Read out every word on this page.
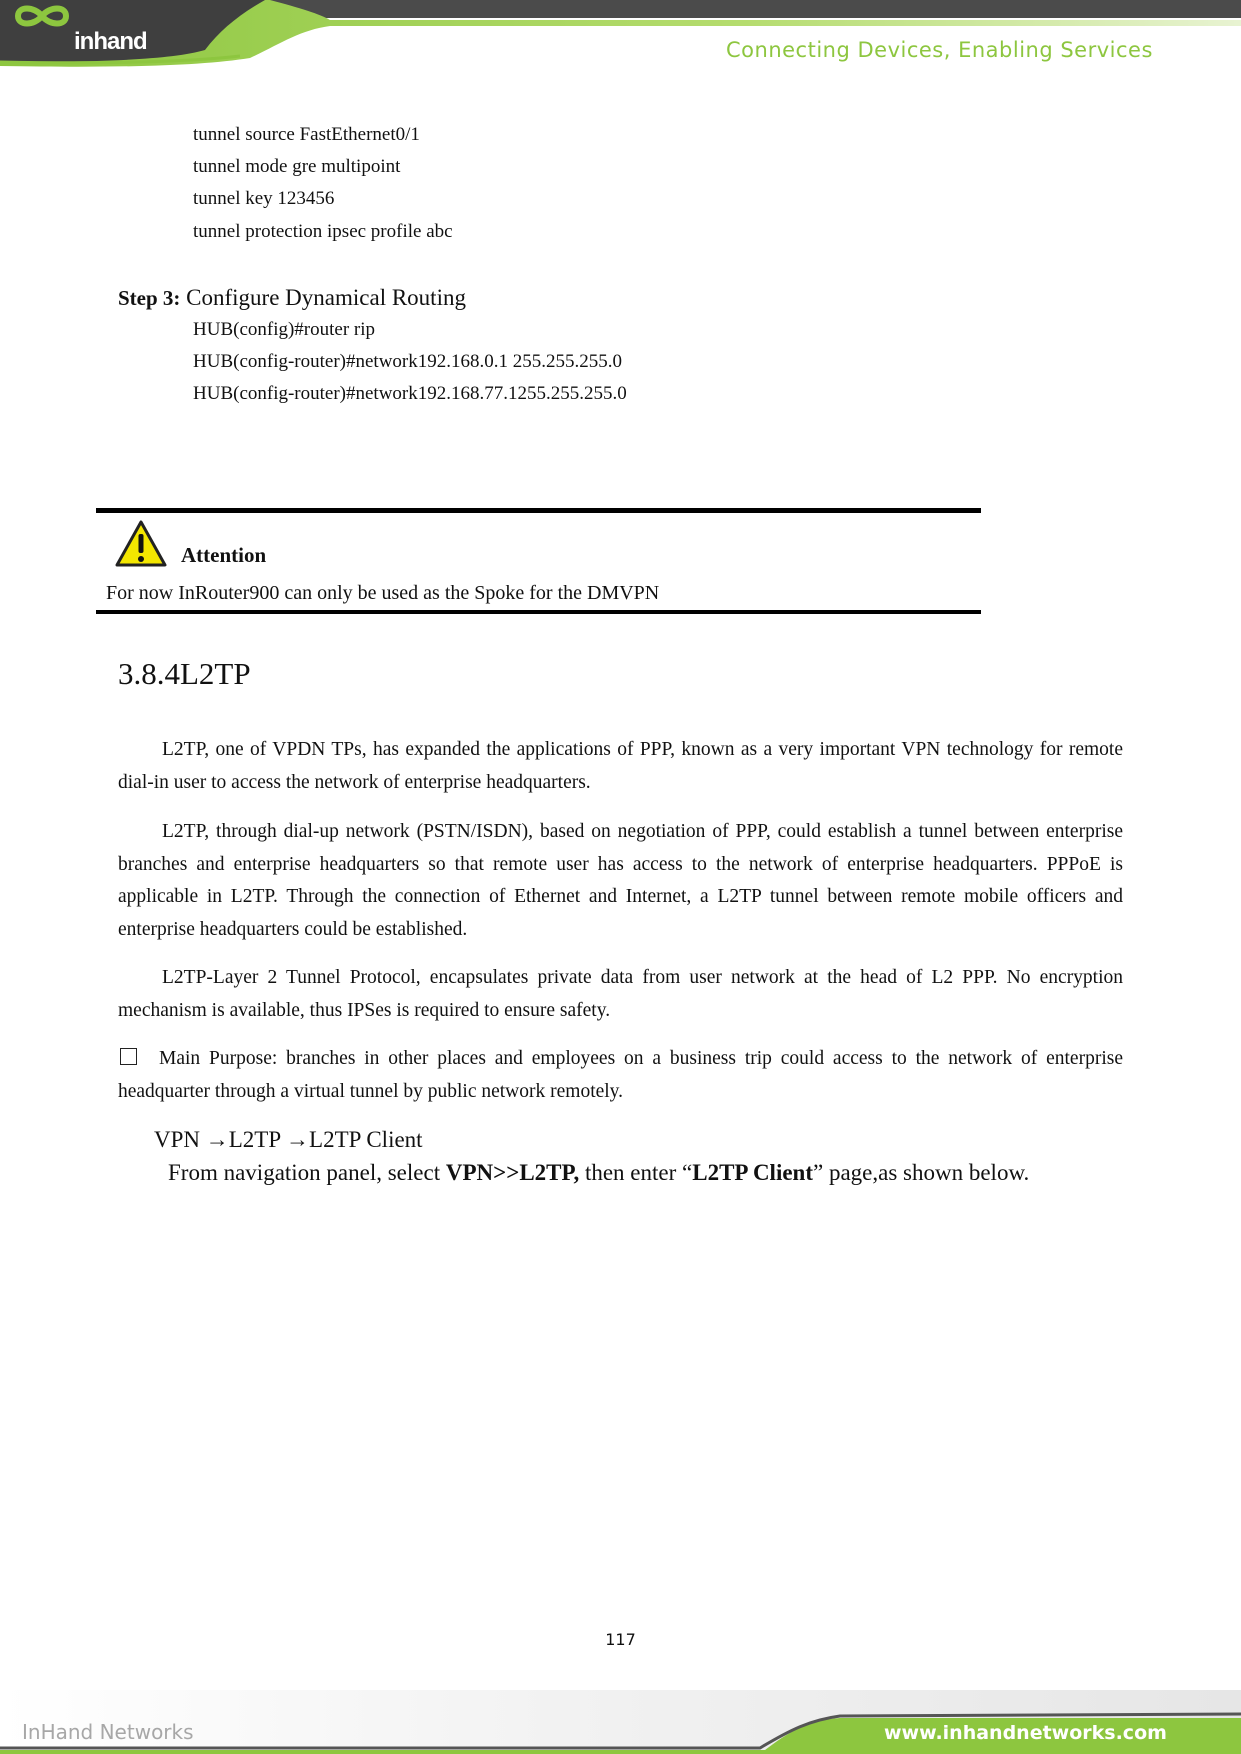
inhand	Connecting Devices, Enabling Services
tunnel source FastEthernet0/1
tunnel mode gre multipoint
tunnel key 123456
tunnel protection ipsec profile abc
Step 3: Configure Dynamical Routing
HUB(config)#router rip
HUB(config-router)#network192.168.0.1 255.255.255.0
HUB(config-router)#network192.168.77.1255.255.255.0
Attention
For now InRouter900 can only be used as the Spoke for the DMVPN
3.8.4L2TP
L2TP, one of VPDN TPs, has expanded the applications of PPP, known as a very important VPN technology for remote dial-in user to access the network of enterprise headquarters.
L2TP, through dial-up network (PSTN/ISDN), based on negotiation of PPP, could establish a tunnel between enterprise branches and enterprise headquarters so that remote user has access to the network of enterprise headquarters. PPPoE is applicable in L2TP. Through the connection of Ethernet and Internet, a L2TP tunnel between remote mobile officers and enterprise headquarters could be established.
L2TP-Layer 2 Tunnel Protocol, encapsulates private data from user network at the head of L2 PPP. No encryption mechanism is available, thus IPSes is required to ensure safety.
Main Purpose: branches in other places and employees on a business trip could access to the network of enterprise headquarter through a virtual tunnel by public network remotely.
VPN →L2TP →L2TP Client
From navigation panel, select VPN>>L2TP, then enter “L2TP Client” page,as shown below.
117
InHand Networks	www.inhandnetworks.com
